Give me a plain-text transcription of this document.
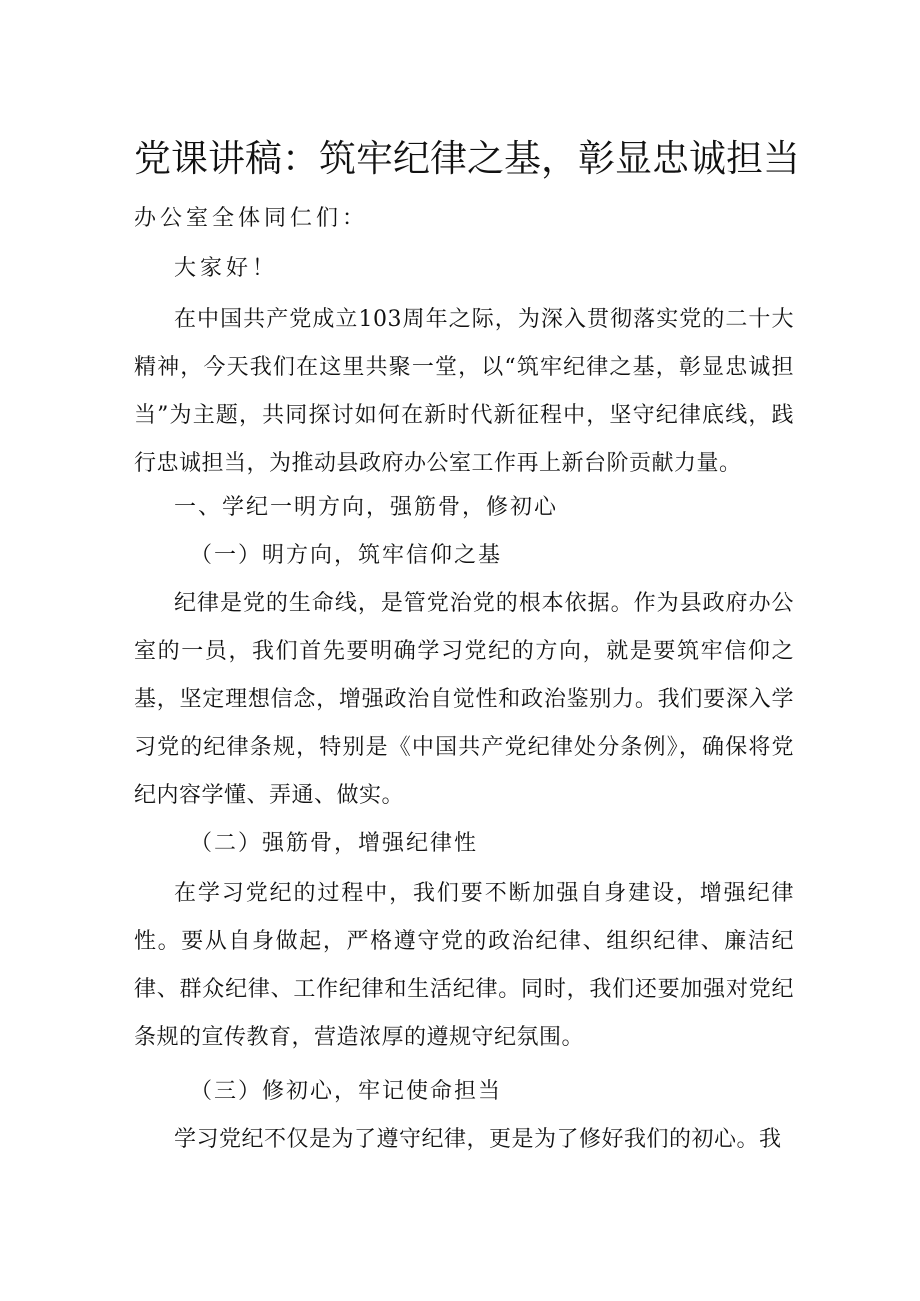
党课讲稿：筑牢纪律之基，彰显忠诚担当

办公室全体同仁们：

大家好！

在中国共产党成立103周年之际，为深入贯彻落实党的二十大精神，今天我们在这里共聚一堂，以“筑牢纪律之基，彰显忠诚担当”为主题，共同探讨如何在新时代新征程中，坚守纪律底线，践行忠诚担当，为推动县政府办公室工作再上新台阶贡献力量。

一、学纪一明方向，强筋骨，修初心

（一）明方向，筑牢信仰之基

纪律是党的生命线，是管党治党的根本依据。作为县政府办公室的一员，我们首先要明确学习党纪的方向，就是要筑牢信仰之基，坚定理想信念，增强政治自觉性和政治鉴别力。我们要深入学习党的纪律条规，特别是《中国共产党纪律处分条例》，确保将党纪内容学懂、弄通、做实。

（二）强筋骨，增强纪律性

在学习党纪的过程中，我们要不断加强自身建设，增强纪律性。要从自身做起，严格遵守党的政治纪律、组织纪律、廉洁纪律、群众纪律、工作纪律和生活纪律。同时，我们还要加强对党纪条规的宣传教育，营造浓厚的遵规守纪氛围。

（三）修初心，牢记使命担当

学习党纪不仅是为了遵守纪律，更是为了修好我们的初心。我
